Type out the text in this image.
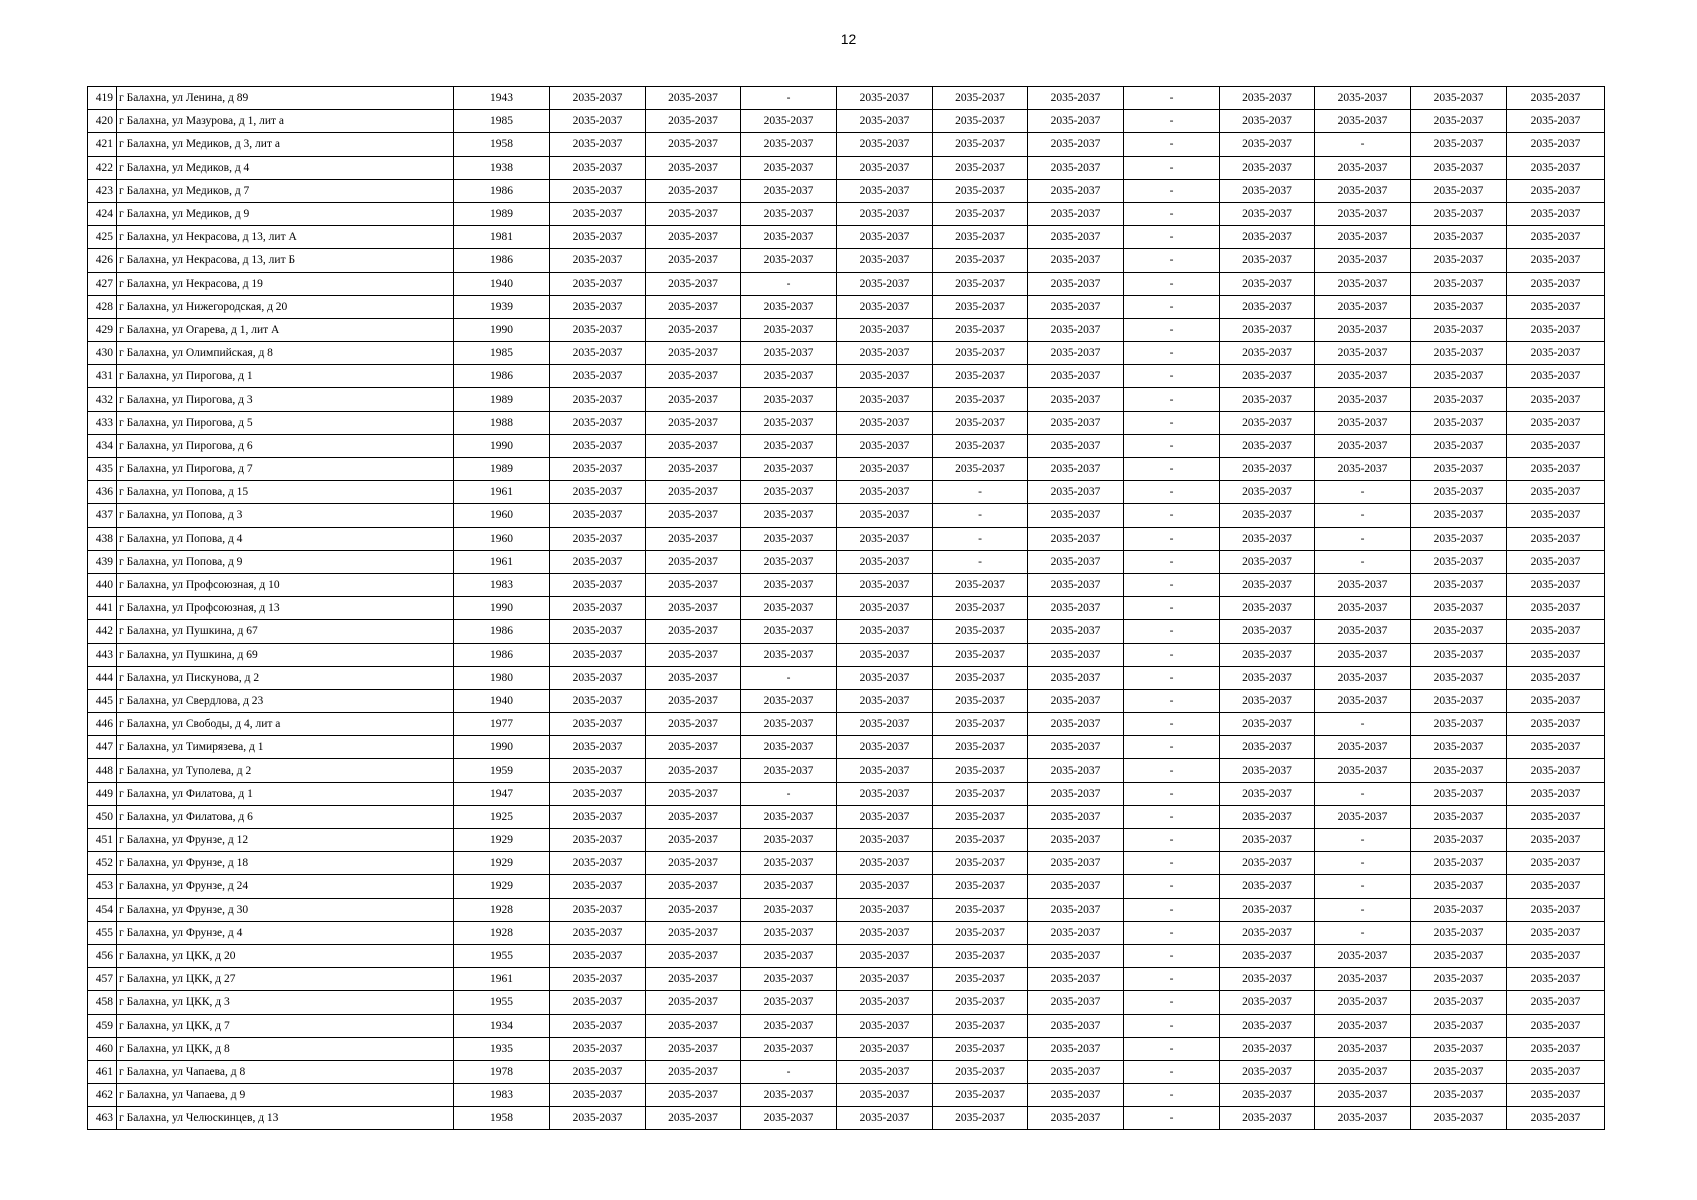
12
419	г Балахна, ул Ленина, д 89	1943	2035-2037	2035-2037	-	2035-2037	2035-2037	2035-2037	-	2035-2037	2035-2037	2035-2037	2035-2037
420	г Балахна, ул Мазурова, д 1, лит а	1985	2035-2037	2035-2037	2035-2037	2035-2037	2035-2037	2035-2037	-	2035-2037	2035-2037	2035-2037	2035-2037
421	г Балахна, ул Медиков, д 3, лит а	1958	2035-2037	2035-2037	2035-2037	2035-2037	2035-2037	2035-2037	-	2035-2037	-	2035-2037	2035-2037
422	г Балахна, ул Медиков, д 4	1938	2035-2037	2035-2037	2035-2037	2035-2037	2035-2037	2035-2037	-	2035-2037	2035-2037	2035-2037	2035-2037
423	г Балахна, ул Медиков, д 7	1986	2035-2037	2035-2037	2035-2037	2035-2037	2035-2037	2035-2037	-	2035-2037	2035-2037	2035-2037	2035-2037
424	г Балахна, ул Медиков, д 9	1989	2035-2037	2035-2037	2035-2037	2035-2037	2035-2037	2035-2037	-	2035-2037	2035-2037	2035-2037	2035-2037
425	г Балахна, ул Некрасова, д 13, лит А	1981	2035-2037	2035-2037	2035-2037	2035-2037	2035-2037	2035-2037	-	2035-2037	2035-2037	2035-2037	2035-2037
426	г Балахна, ул Некрасова, д 13, лит Б	1986	2035-2037	2035-2037	2035-2037	2035-2037	2035-2037	2035-2037	-	2035-2037	2035-2037	2035-2037	2035-2037
427	г Балахна, ул Некрасова, д 19	1940	2035-2037	2035-2037	-	2035-2037	2035-2037	2035-2037	-	2035-2037	2035-2037	2035-2037	2035-2037
428	г Балахна, ул Нижегородская, д 20	1939	2035-2037	2035-2037	2035-2037	2035-2037	2035-2037	2035-2037	-	2035-2037	2035-2037	2035-2037	2035-2037
429	г Балахна, ул Огарева, д 1, лит А	1990	2035-2037	2035-2037	2035-2037	2035-2037	2035-2037	2035-2037	-	2035-2037	2035-2037	2035-2037	2035-2037
430	г Балахна, ул Олимпийская, д 8	1985	2035-2037	2035-2037	2035-2037	2035-2037	2035-2037	2035-2037	-	2035-2037	2035-2037	2035-2037	2035-2037
431	г Балахна, ул Пирогова, д 1	1986	2035-2037	2035-2037	2035-2037	2035-2037	2035-2037	2035-2037	-	2035-2037	2035-2037	2035-2037	2035-2037
432	г Балахна, ул Пирогова, д 3	1989	2035-2037	2035-2037	2035-2037	2035-2037	2035-2037	2035-2037	-	2035-2037	2035-2037	2035-2037	2035-2037
433	г Балахна, ул Пирогова, д 5	1988	2035-2037	2035-2037	2035-2037	2035-2037	2035-2037	2035-2037	-	2035-2037	2035-2037	2035-2037	2035-2037
434	г Балахна, ул Пирогова, д 6	1990	2035-2037	2035-2037	2035-2037	2035-2037	2035-2037	2035-2037	-	2035-2037	2035-2037	2035-2037	2035-2037
435	г Балахна, ул Пирогова, д 7	1989	2035-2037	2035-2037	2035-2037	2035-2037	2035-2037	2035-2037	-	2035-2037	2035-2037	2035-2037	2035-2037
436	г Балахна, ул Попова, д 15	1961	2035-2037	2035-2037	2035-2037	2035-2037	-	2035-2037	-	2035-2037	-	2035-2037	2035-2037
437	г Балахна, ул Попова, д 3	1960	2035-2037	2035-2037	2035-2037	2035-2037	-	2035-2037	-	2035-2037	-	2035-2037	2035-2037
438	г Балахна, ул Попова, д 4	1960	2035-2037	2035-2037	2035-2037	2035-2037	-	2035-2037	-	2035-2037	-	2035-2037	2035-2037
439	г Балахна, ул Попова, д 9	1961	2035-2037	2035-2037	2035-2037	2035-2037	-	2035-2037	-	2035-2037	-	2035-2037	2035-2037
440	г Балахна, ул Профсоюзная, д 10	1983	2035-2037	2035-2037	2035-2037	2035-2037	2035-2037	2035-2037	-	2035-2037	2035-2037	2035-2037	2035-2037
441	г Балахна, ул Профсоюзная, д 13	1990	2035-2037	2035-2037	2035-2037	2035-2037	2035-2037	2035-2037	-	2035-2037	2035-2037	2035-2037	2035-2037
442	г Балахна, ул Пушкина, д 67	1986	2035-2037	2035-2037	2035-2037	2035-2037	2035-2037	2035-2037	-	2035-2037	2035-2037	2035-2037	2035-2037
443	г Балахна, ул Пушкина, д 69	1986	2035-2037	2035-2037	2035-2037	2035-2037	2035-2037	2035-2037	-	2035-2037	2035-2037	2035-2037	2035-2037
444	г Балахна, ул Пискунова, д 2	1980	2035-2037	2035-2037	-	2035-2037	2035-2037	2035-2037	-	2035-2037	2035-2037	2035-2037	2035-2037
445	г Балахна, ул Свердлова, д 23	1940	2035-2037	2035-2037	2035-2037	2035-2037	2035-2037	2035-2037	-	2035-2037	2035-2037	2035-2037	2035-2037
446	г Балахна, ул Свободы, д 4, лит а	1977	2035-2037	2035-2037	2035-2037	2035-2037	2035-2037	2035-2037	-	2035-2037	-	2035-2037	2035-2037
447	г Балахна, ул Тимирязева, д 1	1990	2035-2037	2035-2037	2035-2037	2035-2037	2035-2037	2035-2037	-	2035-2037	2035-2037	2035-2037	2035-2037
448	г Балахна, ул Туполева, д 2	1959	2035-2037	2035-2037	2035-2037	2035-2037	2035-2037	2035-2037	-	2035-2037	2035-2037	2035-2037	2035-2037
449	г Балахна, ул Филатова, д 1	1947	2035-2037	2035-2037	-	2035-2037	2035-2037	2035-2037	-	2035-2037	-	2035-2037	2035-2037
450	г Балахна, ул Филатова, д 6	1925	2035-2037	2035-2037	2035-2037	2035-2037	2035-2037	2035-2037	-	2035-2037	2035-2037	2035-2037	2035-2037
451	г Балахна, ул Фрунзе, д 12	1929	2035-2037	2035-2037	2035-2037	2035-2037	2035-2037	2035-2037	-	2035-2037	-	2035-2037	2035-2037
452	г Балахна, ул Фрунзе, д 18	1929	2035-2037	2035-2037	2035-2037	2035-2037	2035-2037	2035-2037	-	2035-2037	-	2035-2037	2035-2037
453	г Балахна, ул Фрунзе, д 24	1929	2035-2037	2035-2037	2035-2037	2035-2037	2035-2037	2035-2037	-	2035-2037	-	2035-2037	2035-2037
454	г Балахна, ул Фрунзе, д 30	1928	2035-2037	2035-2037	2035-2037	2035-2037	2035-2037	2035-2037	-	2035-2037	-	2035-2037	2035-2037
455	г Балахна, ул Фрунзе, д 4	1928	2035-2037	2035-2037	2035-2037	2035-2037	2035-2037	2035-2037	-	2035-2037	-	2035-2037	2035-2037
456	г Балахна, ул ЦКК, д 20	1955	2035-2037	2035-2037	2035-2037	2035-2037	2035-2037	2035-2037	-	2035-2037	2035-2037	2035-2037	2035-2037
457	г Балахна, ул ЦКК, д 27	1961	2035-2037	2035-2037	2035-2037	2035-2037	2035-2037	2035-2037	-	2035-2037	2035-2037	2035-2037	2035-2037
458	г Балахна, ул ЦКК, д 3	1955	2035-2037	2035-2037	2035-2037	2035-2037	2035-2037	2035-2037	-	2035-2037	2035-2037	2035-2037	2035-2037
459	г Балахна, ул ЦКК, д 7	1934	2035-2037	2035-2037	2035-2037	2035-2037	2035-2037	2035-2037	-	2035-2037	2035-2037	2035-2037	2035-2037
460	г Балахна, ул ЦКК, д 8	1935	2035-2037	2035-2037	2035-2037	2035-2037	2035-2037	2035-2037	-	2035-2037	2035-2037	2035-2037	2035-2037
461	г Балахна, ул Чапаева, д 8	1978	2035-2037	2035-2037	-	2035-2037	2035-2037	2035-2037	-	2035-2037	2035-2037	2035-2037	2035-2037
462	г Балахна, ул Чапаева, д 9	1983	2035-2037	2035-2037	2035-2037	2035-2037	2035-2037	2035-2037	-	2035-2037	2035-2037	2035-2037	2035-2037
463	г Балахна, ул Челюскинцев, д 13	1958	2035-2037	2035-2037	2035-2037	2035-2037	2035-2037	2035-2037	-	2035-2037	2035-2037	2035-2037	2035-2037
